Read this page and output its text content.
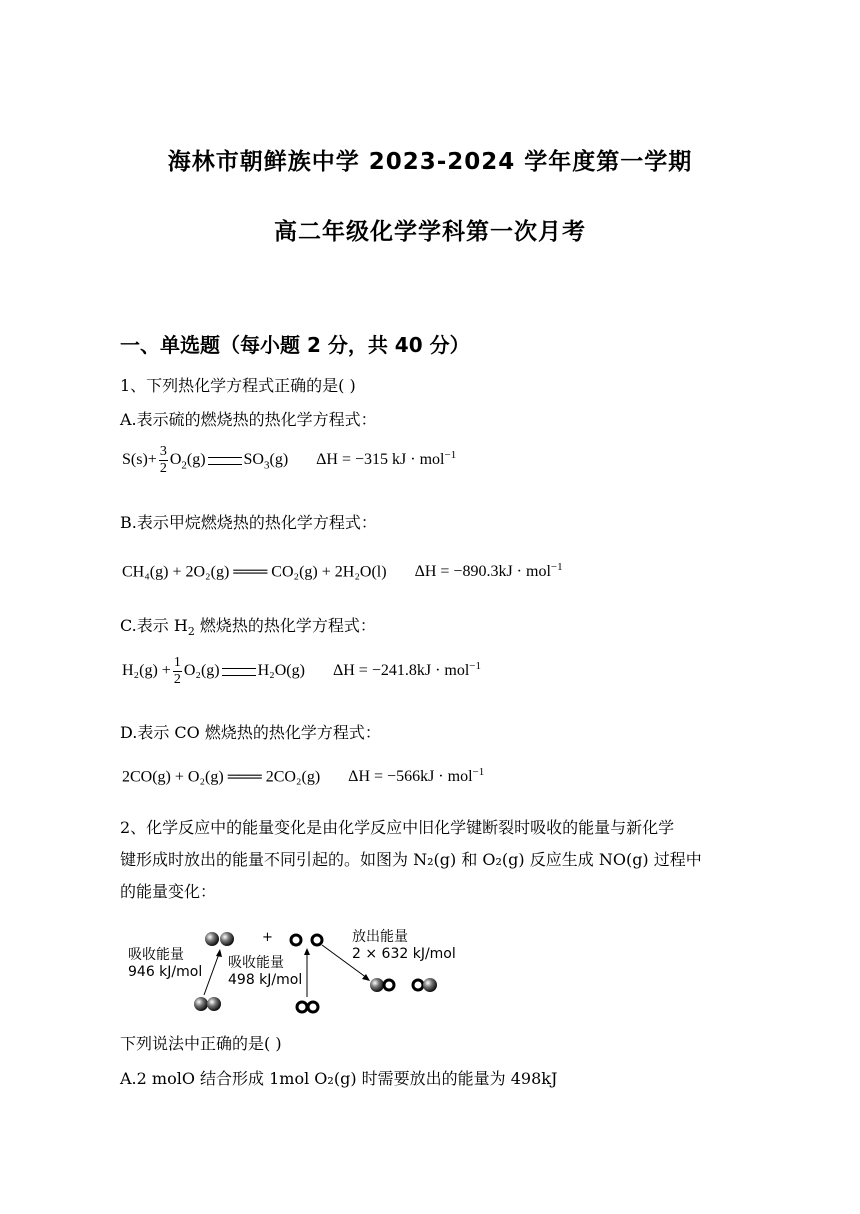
海林市朝鲜族中学 2023-2024 学年度第一学期
高二年级化学学科第一次月考
一、单选题（每小题 2 分，共 40 分）
1、下列热化学方程式正确的是( )
A.表示硫的燃烧热的热化学方程式：
$S(s)+ \frac{3}{2} O_2(g)$ $SO_3(g) \Delta H = -315$ kJ · mol$^{-1}$
B.表示甲烷燃烧热的热化学方程式：
CH₄(g) + 2O₂(g) ═══ CO₂(g) + 2H₂O(l) ΔH = −890.3kJ · mol$^{-1}$
C.表示 $H_2$ 燃烧热的热化学方程式：
$H_2(g) + \frac{1}{2} O_2(g)$ H₂O(g) ΔH = −241.8kJ · mol$^{-1}$
D.表示 CO 燃烧热的热化学方程式：
2CO(g) + O₂(g) ═══ 2CO₂(g) ΔH = −566kJ · mol$^{-1}$
2、化学反应中的能量变化是由化学反应中旧化学键断裂时吸收的能量与新化学
键形成时放出的能量不同引起的。如图为 N₂(g) 和 O₂(g) 反应生成 NO(g) 过程中
的能量变化：
+
吸收能量
946 kJ/mol
吸收能量
498 kJ/mol
放出能量
2 × 632 kJ/mol
下列说法中正确的是( )
A.2 molO 结合形成 1mol O₂(g) 时需要放出的能量为 498kJ
